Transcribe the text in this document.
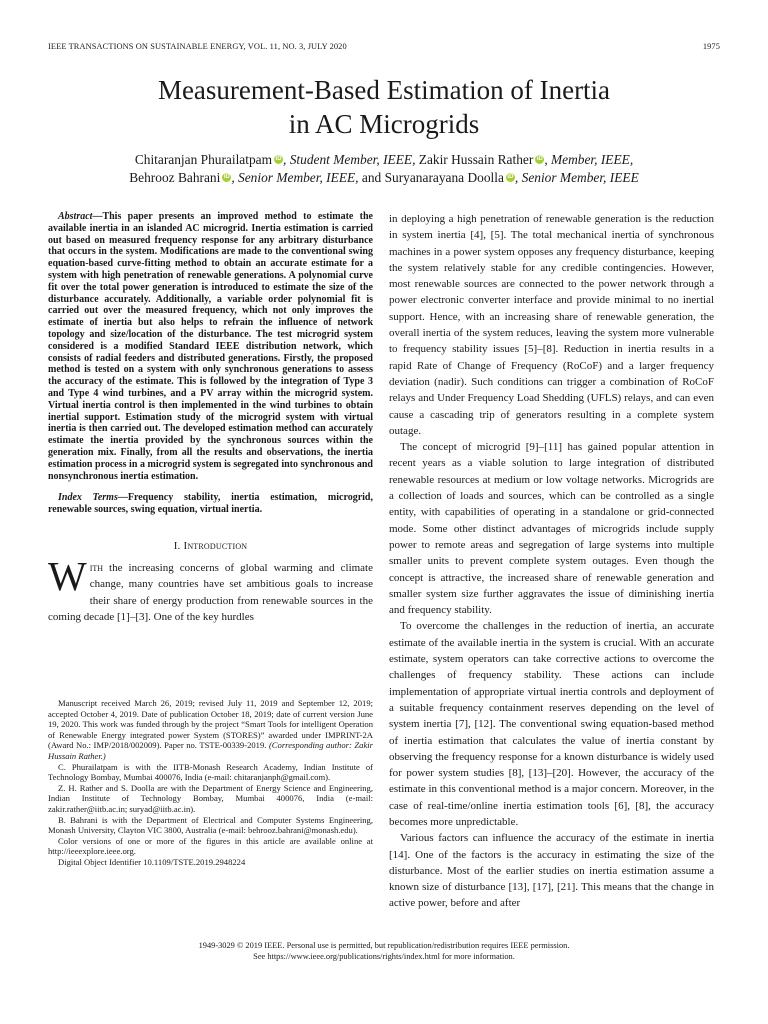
IEEE TRANSACTIONS ON SUSTAINABLE ENERGY, VOL. 11, NO. 3, JULY 2020	1975
Measurement-Based Estimation of Inertia
in AC Microgrids
Chitaranjan Phurailatpam iD , Student Member, IEEE, Zakir Hussain Rather iD , Member, IEEE,
Behrooz Bahrani iD , Senior Member, IEEE, and Suryanarayana Doolla iD , Senior Member, IEEE

Abstract—This paper presents an improved method to estimate the available inertia in an islanded AC microgrid. Inertia estimation is carried out based on measured frequency response for any arbitrary disturbance that occurs in the system. Modifications are made to the conventional swing equation-based curve-fitting method to obtain an accurate estimate for a system with high penetration of renewable generations. A polynomial curve fit over the total power generation is introduced to estimate the size of the disturbance accurately. Additionally, a variable order polynomial fit is carried out over the measured frequency, which not only improves the estimate of inertia but also helps to refrain the influence of network topology and size/location of the disturbance. The test microgrid system considered is a modified Standard IEEE distribution network, which consists of radial feeders and distributed generations. Firstly, the proposed method is tested on a system with only synchronous generations to assess the accuracy of the estimate. This is followed by the integration of Type 3 and Type 4 wind turbines, and a PV array within the microgrid system. Virtual inertia control is then implemented in the wind turbines to obtain inertial support. Estimation study of the microgrid system with virtual inertia is then carried out. The developed estimation method can accurately estimate the inertia provided by the synchronous sources within the generation mix. Finally, from all the results and observations, the inertia estimation process in a microgrid system is segregated into synchronous and nonsynchronous inertia estimation.

Index Terms—Frequency stability, inertia estimation, microgrid, renewable sources, swing equation, virtual inertia.

I. Introduction

With the increasing concerns of global warming and climate change, many countries have set ambitious goals to increase their share of energy production from renewable sources in the coming decade [1]–[3]. One of the key hurdles

Manuscript received March 26, 2019; revised July 11, 2019 and September 12, 2019; accepted October 4, 2019. Date of publication October 18, 2019; date of current version June 19, 2020. This work was funded through by the project “Smart Tools for intelligent Operation of Renewable Energy integrated power System (STORES)” awarded under IMPRINT-2A (Award No.: IMP/2018/002009). Paper no. TSTE-00339-2019. (Corresponding author: Zakir Hussain Rather.)

C. Phurailatpam is with the IITB-Monash Research Academy, Indian Institute of Technology Bombay, Mumbai 400076, India (e-mail: chitaranjanph@gmail.com).

Z. H. Rather and S. Doolla are with the Department of Energy Science and Engineering, Indian Institute of Technology Bombay, Mumbai 400076, India (e-mail: zakir.rather@iitb.ac.in; suryad@iitb.ac.in).

B. Bahrani is with the Department of Electrical and Computer Systems Engineering, Monash University, Clayton VIC 3800, Australia (e-mail: behrooz.bahrani@monash.edu).

Color versions of one or more of the figures in this article are available online at http://ieeexplore.ieee.org.

Digital Object Identifier 10.1109/TSTE.2019.2948224

in deploying a high penetration of renewable generation is the reduction in system inertia [4], [5]. The total mechanical inertia of synchronous machines in a power system opposes any frequency disturbance, keeping the system relatively stable for any credible contingencies. However, most renewable sources are connected to the power network through a power electronic converter interface and provide minimal to no inertial support. Hence, with an increasing share of renewable generation, the overall inertia of the system reduces, leaving the system more vulnerable to frequency stability issues [5]–[8]. Reduction in inertia results in a rapid Rate of Change of Frequency (RoCoF) and a larger frequency deviation (nadir). Such conditions can trigger a combination of RoCoF relays and Under Frequency Load Shedding (UFLS) relays, and can even cause a cascading trip of generators resulting in a complete system outage.

The concept of microgrid [9]–[11] has gained popular attention in recent years as a viable solution to large integration of distributed renewable resources at medium or low voltage networks. Microgrids are a collection of loads and sources, which can be controlled as a single entity, with capabilities of operating in a standalone or grid-connected mode. Some other distinct advantages of microgrids include supply power to remote areas and segregation of large systems into multiple smaller units to prevent complete system outages. Even though the concept is attractive, the increased share of renewable generation and smaller system size further aggravates the issue of diminishing inertia and frequency stability.

To overcome the challenges in the reduction of inertia, an accurate estimate of the available inertia in the system is crucial. With an accurate estimate, system operators can take corrective actions to overcome the challenges of frequency stability. These actions can include implementation of appropriate virtual inertia controls and deployment of a suitable frequency containment reserves depending on the level of system inertia [7], [12]. The conventional swing equation-based method of inertia estimation that calculates the value of inertia constant by observing the frequency response for a known disturbance is widely used for power system studies [8], [13]–[20]. However, the accuracy of the estimate in this conventional method is a major concern. Moreover, in the case of real-time/online inertia estimation tools [6], [8], the accuracy becomes more unpredictable.

Various factors can influence the accuracy of the estimate in inertia [14]. One of the factors is the accuracy in estimating the size of the disturbance. Most of the earlier studies on inertia estimation assume a known size of disturbance [13], [17], [21]. This means that the change in active power, before and after

1949-3029 © 2019 IEEE. Personal use is permitted, but republication/redistribution requires IEEE permission.
See https://www.ieee.org/publications/rights/index.html for more information.
